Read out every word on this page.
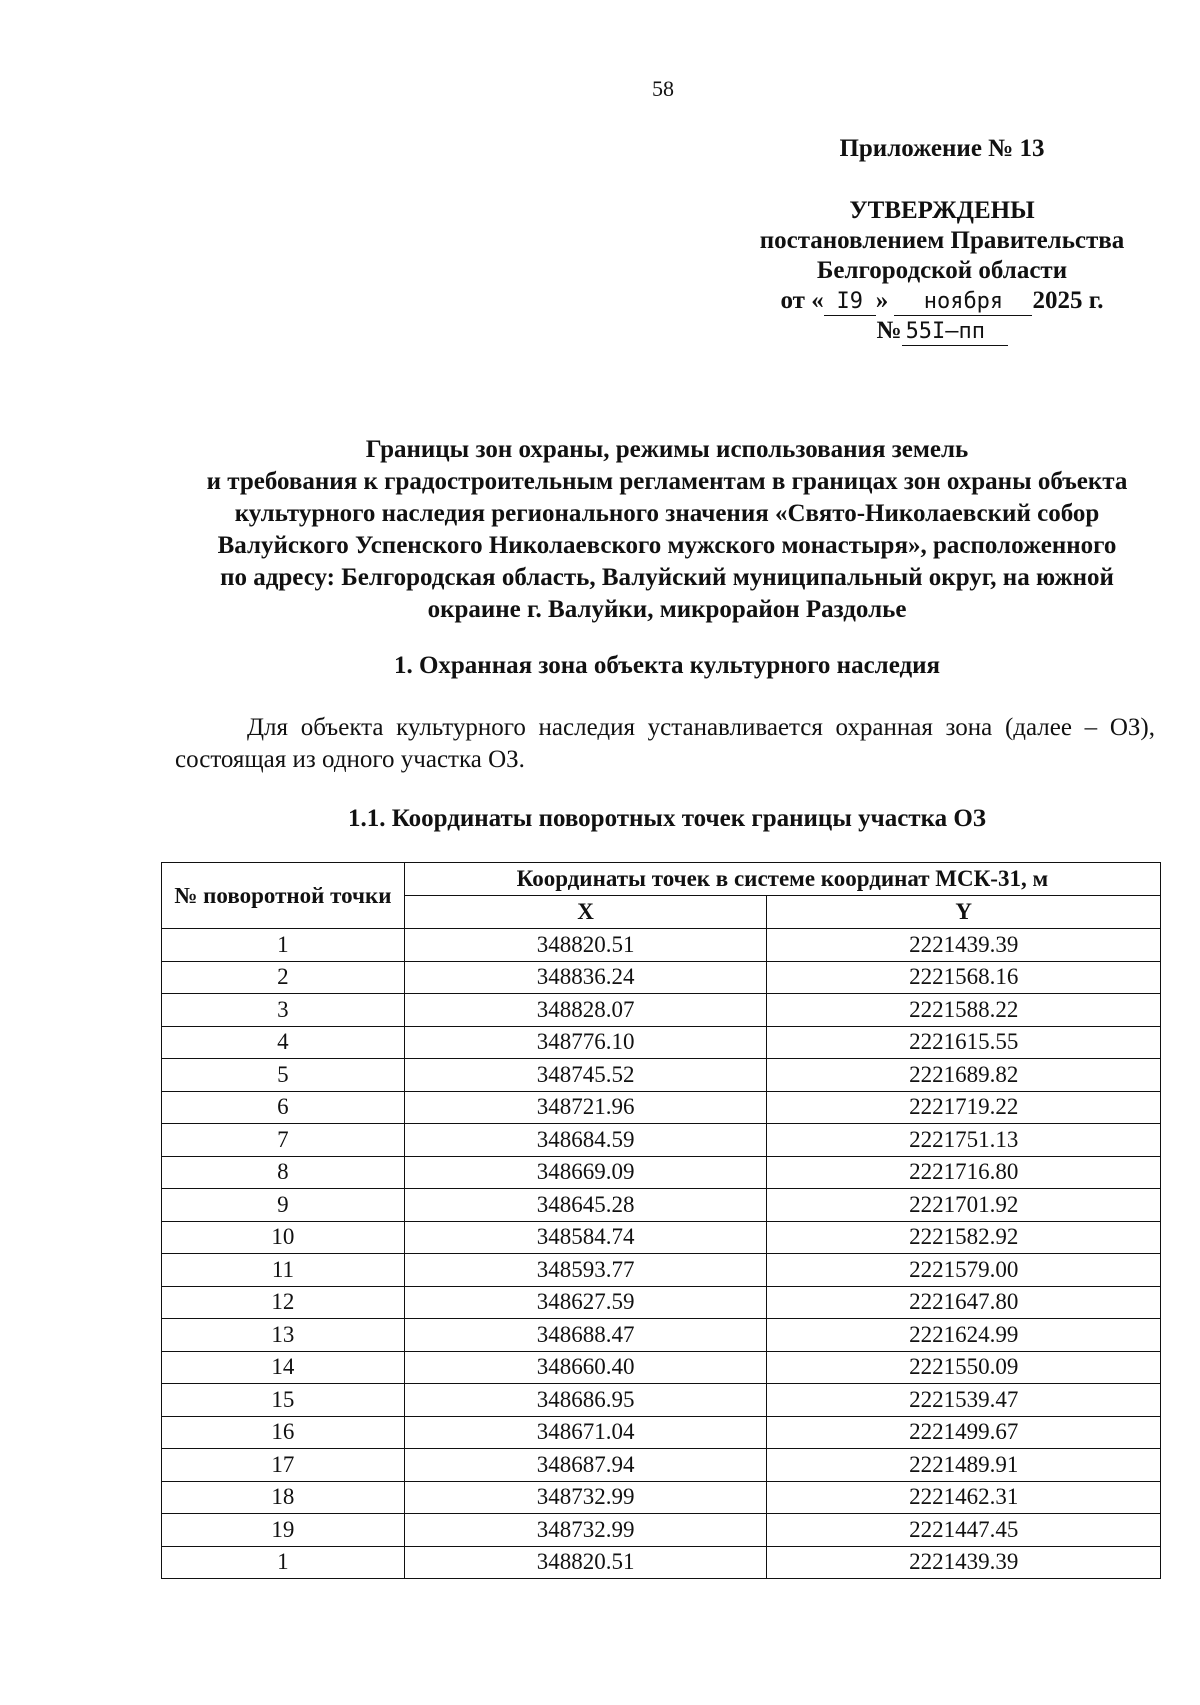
58
Приложение № 13
УТВЕРЖДЕНЫ
постановлением Правительства
Белгородской области
от « I9 » ноября 2025 г.
№ 55I–пп
Границы зон охраны, режимы использования земель
и требования к градостроительным регламентам в границах зон охраны объекта
культурного наследия регионального значения «Свято-Николаевский собор
Валуйского Успенского Николаевского мужского монастыря», расположенного
по адресу: Белгородская область, Валуйский муниципальный округ, на южной
окраине г. Валуйки, микрорайон Раздолье
1. Охранная зона объекта культурного наследия
Для объекта культурного наследия устанавливается охранная зона (далее – ОЗ), состоящая из одного участка ОЗ.
1.1. Координаты поворотных точек границы участка ОЗ
№ поворотной точки	Координаты точек в системе координат МСК-31, м	
	X	Y
1	348820.51	2221439.39
2	348836.24	2221568.16
3	348828.07	2221588.22
4	348776.10	2221615.55
5	348745.52	2221689.82
6	348721.96	2221719.22
7	348684.59	2221751.13
8	348669.09	2221716.80
9	348645.28	2221701.92
10	348584.74	2221582.92
11	348593.77	2221579.00
12	348627.59	2221647.80
13	348688.47	2221624.99
14	348660.40	2221550.09
15	348686.95	2221539.47
16	348671.04	2221499.67
17	348687.94	2221489.91
18	348732.99	2221462.31
19	348732.99	2221447.45
1	348820.51	2221439.39
